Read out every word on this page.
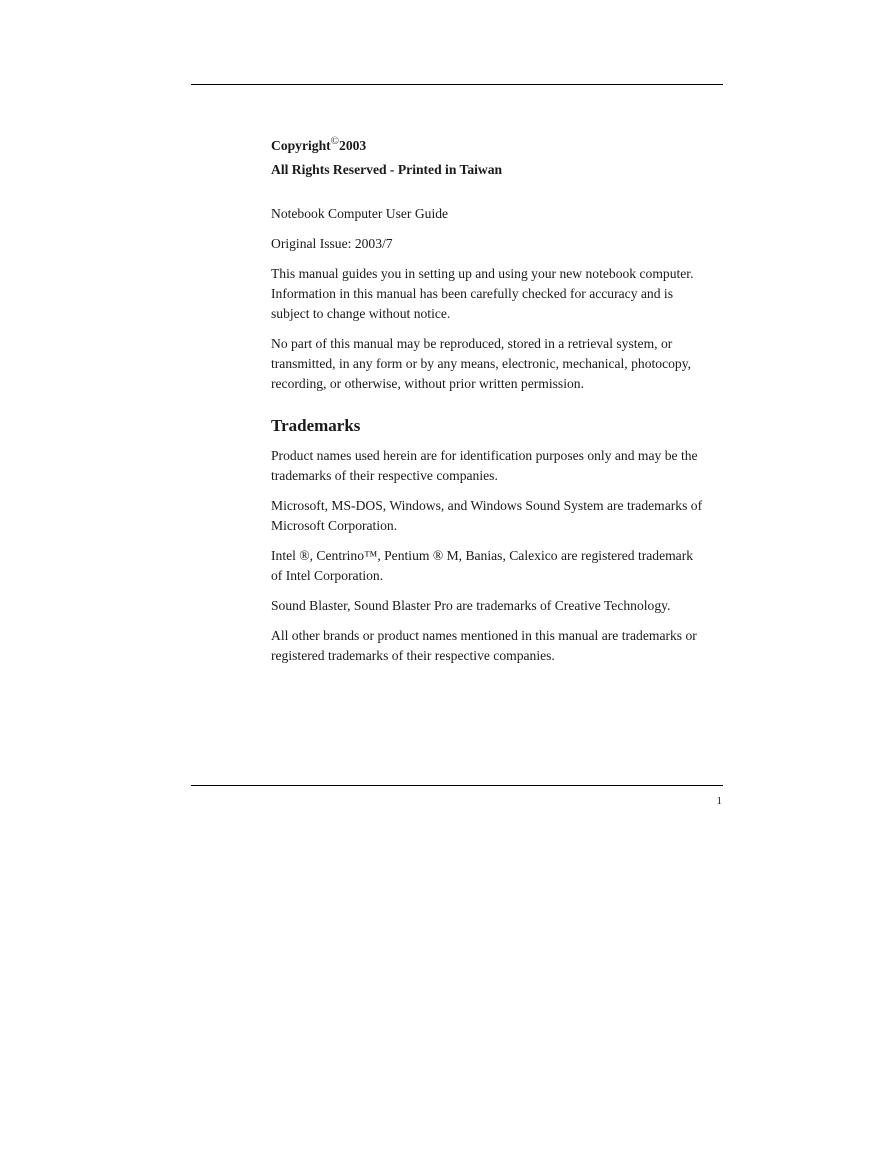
Copyright©2003

All Rights Reserved - Printed in Taiwan

Notebook Computer User Guide

Original Issue: 2003/7

This manual guides you in setting up and using your new notebook computer.
Information in this manual has been carefully checked for accuracy and is
subject to change without notice.

No part of this manual may be reproduced, stored in a retrieval system, or
transmitted, in any form or by any means, electronic, mechanical, photocopy,
recording, or otherwise, without prior written permission.

Trademarks

Product names used herein are for identification purposes only and may be the
trademarks of their respective companies.

Microsoft, MS-DOS, Windows, and Windows Sound System are trademarks of
Microsoft Corporation.

Intel ®, Centrino™, Pentium ® M, Banias, Calexico are registered trademark
of Intel Corporation.

Sound Blaster, Sound Blaster Pro are trademarks of Creative Technology.

All other brands or product names mentioned in this manual are trademarks or
registered trademarks of their respective companies.

1
